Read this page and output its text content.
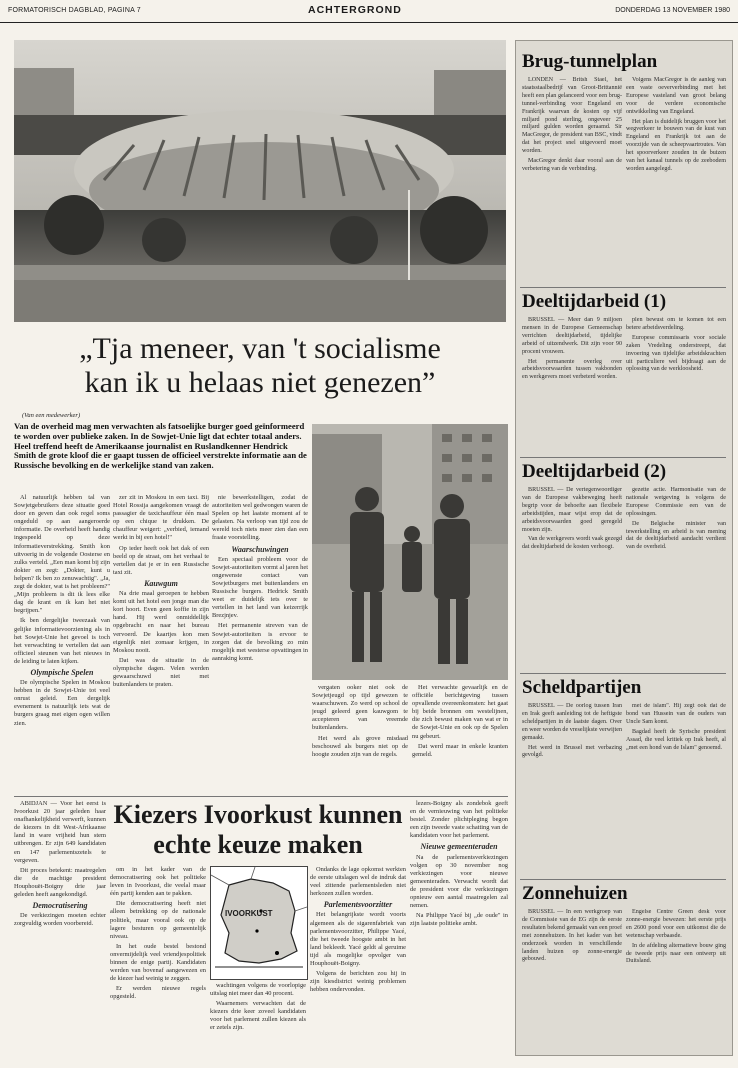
FORMATORISCH DAGBLAD, PAGINA 7	ACHTERGROND	DONDERDAG 13 NOVEMBER 1980
„Tja meneer, van 't socialisme
kan ik u helaas niet genezen”
(Van een medewerker)
Van de overheid mag men verwachten als fatsoelijke burger goed geïnformeerd te worden over publieke zaken. In de Sowjet-Unie ligt dat echter totaal anders. Heel treffend heeft de Amerikaanse journalist en Ruslandkenner Hendrick Smith de grote kloof die er gaapt tussen de officieel verstrekte informatie aan de Russische bevolking en de werkelijke stand van zaken.

Al natuurlijk hebben tal van Sowjetgebruikers deze situatie goed door en geven dan ook regel soms ongeduld op aan aangeroerde informatie. De overheid heeft handig ingespeeld op deze informatieverstrekking. Smith kon uitvoerig in de volgende Oosterse en zulks verteld. „Een man komt bij zijn dokter en zegt: „Dokter, kunt u helpen? Ik ben zo zenuwachtig". „Ja, zegt de dokter, wat is het probleem?" „Mijn probleem is dit ik lees elke dag de krant en ik kan het niet begrijpen."

Ik ben dergelijke tweezaak van gelijke informatievoorziening als in het Sowjet-Unie het gevoel is toch het verwachting te vertellen dat aan officieel steunen van het nieuws in de leiding te laten kijken.

Olympische Spelen

De olympische Spelen in Moskou hebben in de Sowjet-Unie tot veel onrust geleid. Een dergelijk evenement is natuurlijk iets wat de burgers graag met eigen ogen willen zien.

zer zit in Moskou in een taxi. Bij Hotel Rossija aangekomen vraagt de passagier de taxichauffeur één maal op een chique te drukken. De chauffeur weigert: „verbied, iemand werkt in bij een hotel!"

Op ieder heeft ook het dak of een beeld op de straat, om het verhaal te vertellen dat je er in een Russische taxi zit.

Kauwgum

Na drie maal geroepen te hebben komt uit het hotel een jonge man die kort hoort. Even geen koffie in zijn hand. Hij werd onmiddellijk opgebracht en naar het bureau vervoerd. De kaartjes kon men eigenlijk niet zomaar krijgen, in Moskou nooit.

Dat was de situatie in de olympische dagen. Velen werden gewaarschuwd niet met buitenlanders te praten.

nie bewerkstelligen, zodat de autoriteiten wel gedwongen waren de Spelen op het laatste moment af te gelasten. Na verloop van tijd zou de wereld toch niets meer zien dan een fraaie voorstelling.

Waarschuwingen

Een speciaal probleem voor de Sowjet-autoriteiten vormt al jaren het ongewenste contact van Sowjetburgers met buitenlanders en Russische burgers. Hedrick Smith weet er duidelijk iets over te vertellen in het land van keizerrijk Brezjnjev.

Het permanente streven van de Sowjet-autoriteiten is ervoor te zorgen dat de bevolking zo min mogelijk met westerse opvattingen in aanraking komt.

vergaten ooker niet ook de Sowjetjeugd op tijd gewezen te waarschuwen. Zo werd op school de jeugd geleerd geen kauwgom te accepteren van vreemde buitenlanders.

Het werd als grove misdaad beschouwd als burgers niet op de hoogte zouden zijn van de regels.

Het verwachte gevaarlijk en de officiële berichtgeving tussen opvallende overeenkomsten: het gaat bij beide bronnen om westelijnen, die zich bewust maken van wat er in de Sowjet-Unie en ook op de Spelen nu gebeurt.

Dat werd maar in enkele kranten gemeld.

ABIDJAN — Voor het eerst is Ivoorkust 20 jaar geleden haar onafhankelijkheid verwerft, kunnen de kiezers in dit West-Afrikaanse land in ware vrijheid hun stem uitbrengen. Er zijn 649 kandidaten en 147 parlementszetels te vergeven.

Dit proces betekent: maatregelen die de machtige president Houphouët-Boigny drie jaar geleden heeft aangekondigd.

Democratisering

De verkiezingen moeten echter zorgvuldig worden voorbereid.

Kiezers Ivoorkust kunnen
echte keuze maken

om in het kader van de democratisering ook het politieke leven in Ivoorkust, die veelal maar één partij kenden aan te pakken.

Die democratisering heeft niet alleen betrekking op de nationale politiek, maar vooral ook op de lagere besturen op gemeentelijk niveau.

In het oude bestel bestond onvermijdelijk veel vriendjespolitiek binnen de enige partij. Kandidaten werden van bovenaf aangewezen en de kiezer had weinig te zeggen.

Er werden nieuwe regels opgesteld.

IVOORKUST

wachtingen volgens de voorlopige uitslag niet meer dan 40 procent.

Waarnemers verwachten dat de kiezers drie keer zoveel kandidaten voor het parlement zullen kiezen als er zetels zijn.

Ondanks de lage opkomst werkten de eerste uitslagen wel de indruk dat veel zittende parlementsleden niet herkozen zullen worden.

Parlementsvoorzitter

Het belangrijkste wordt voorts algemeen als de sigarenfabriek van parlementsvoorzitter, Philippe Yacé, die het tweede hoogste ambt in het land bekleedt. Yacé geldt al geruime tijd als mogelijke opvolger van Houphouët-Boigny.

Volgens de berichten zou hij in zijn kiesdistrict weinig problemen hebben ondervonden.

lezers-Boigny als zondebok geeft en de vernieuwing van het politieke bestel. Zonder plichtpleging begon een zijn tweede vaste schatting van de kandidaten voor het parlement.

Nieuwe gemeenteraden

Na de parlementsverkiezingen volgen op 30 november nog verkiezingen voor nieuwe gemeenteraden. Verwacht wordt dat de president voor die verkiezingen opnieuw een aantal maatregelen zal nemen.

Na Philippe Yacé bij „de oude" in zijn laatste politieke ambt.

Brug-tunnelplan

LONDEN — Britsh Stael, het staatsstaalbedrijf van Groot-Brittannië heeft een plan gelanceerd voor een brug-tunnel-verbinding voor Engeland en Frankrijk waarvan de kosten op vijf miljard pond sterling, ongeveer 25 miljard gulden worden geraamd. Sir MacGregor, de president van BSC, vindt dat het project snel uitgevoerd moet worden.

MacGregor denkt daar vooral aan de verbetering van de verbinding.

Volgens MacGregor is de aanleg van een vaste oeververbinding met het Europese vasteland van groot belang voor de verdere economische ontwikkeling van Engeland.

Het plan is duidelijk bruggen voor het wegverkeer te bouwen van de kust van Engeland en Frankrijk tot aan de voorzijde van de scheepvaartroutes. Van het spoorverkeer zouden in de buizen van het kanaal tunnels op de zeebodem worden aangelegd.

Deeltijdarbeid (1)

BRUSSEL — Meer dan 9 miljoen mensen in de Europese Gemeenschap verrichten deeltijdarbeid, tijdelijke arbeid of uitzendwerk. Dit zijn voor 90 procent vrouwen.

Het permanente overleg over arbeidsvoorwaarden tussen vakbonden en werkgevers moet verbeterd worden.

plen bewust om te komen tot een betere arbeidsverdeling.

Europese commissaris voor sociale zaken Vredeling onderstreept, dat invoering van tijdelijke arbeidskrachten uit particuliere wel bijdraagt aan de oplossing van de werkloosheid.

Deeltijdarbeid (2)

BRUSSEL — De vertegenwoordiger van de Europese vakbeweging heeft begrip voor de behoefte aan flexibele arbeidstijden, maar wijst erop dat de arbeidsvoorwaarden goed geregeld moeten zijn.

Van de werkgevers wordt vaak gezegd dat deeltijdarbeid de kosten verhoogt.

gezette actie. Harmonisatie van de nationale wetgeving is volgens de Europese Commissie een van de oplossingen.

De Belgische minister van tewerkstelling en arbeid is van mening dat de deeltijdarbeid aandacht verdient van de overheid.

Scheldpartijen

BRUSSEL — De oorlog tussen Iran en Irak geeft aanleiding tot de heftigste scheldpartijen in de laatste dagen. Over en weer worden de vreselijkste verwijten gemaakt.

Het werd in Brussel met verbazing gevolgd.

met de islam". Hij zegt ook dat de bond van Hussein van de ouders van Uncle Sam komt.

Bagdad heeft de Syrische president Assad, die veel kritiek op Irak heeft, al „met een hond van de Islam" genoemd.

Zonnehuizen

BRUSSEL — In een werkgroep van de Commissie van de EG zijn de eerste resultaten bekend gemaakt van een proef met zonnehuizen. In het kader van het onderzoek worden in verschillende landen huizen op zonne-energie gebouwd.

Engelse Centre Green desk voor zonne-energie bewezen: het eerste prijs en 2600 pond voor een uitkomst die de wetenschap verbaasde.

In de afdeling alternatieve bouw ging de tweede prijs naar een ontwerp uit Duitsland.
